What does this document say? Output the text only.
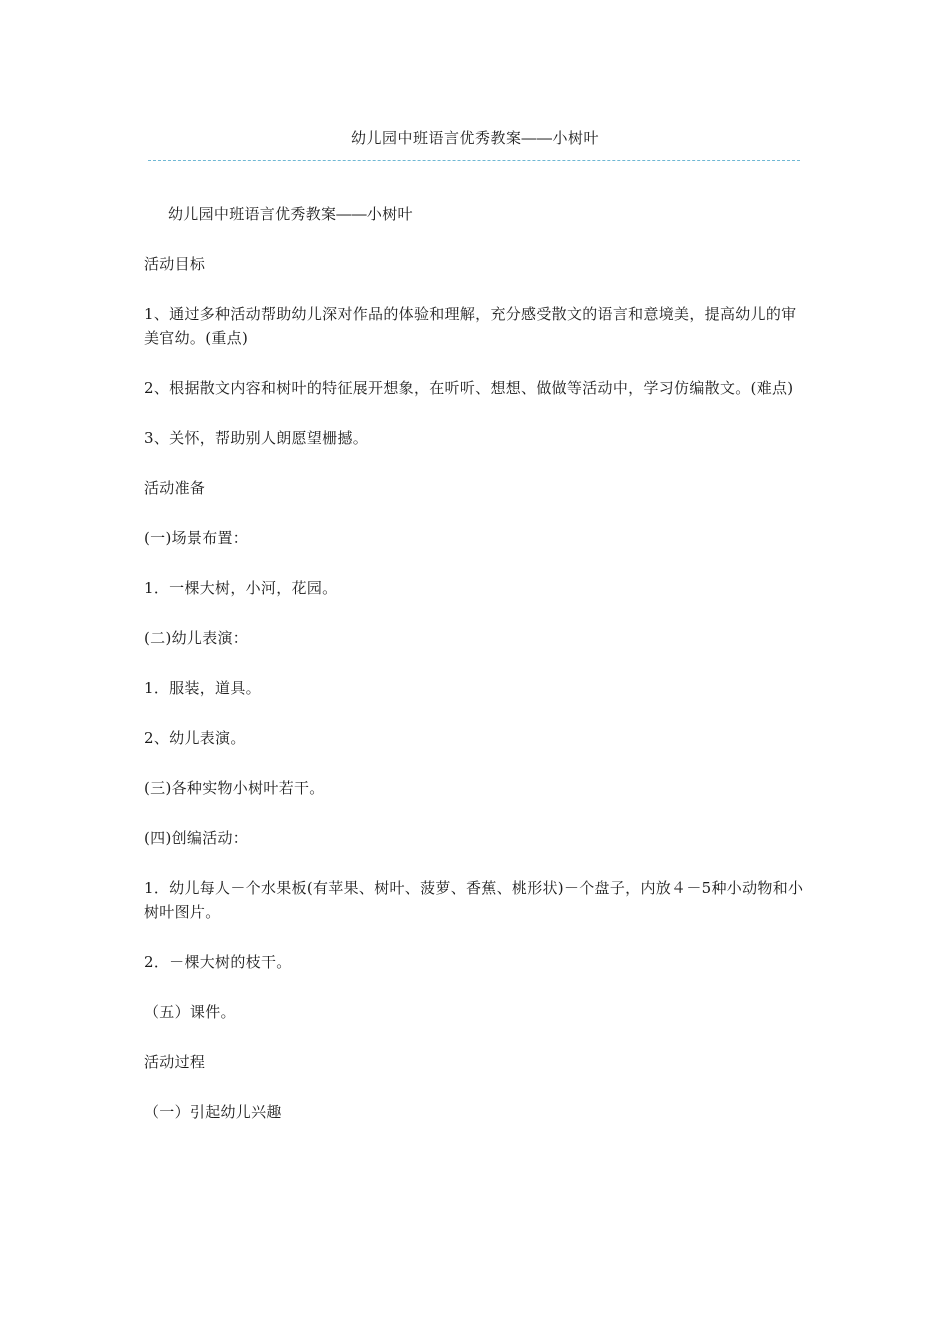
幼儿园中班语言优秀教案――小树叶

幼儿园中班语言优秀教案――小树叶

活动目标

1、通过多种活动帮助幼儿深对作品的体验和理解，充分感受散文的语言和意境美，提高幼儿的审美官幼。(重点)

2、根据散文内容和树叶的特征展开想象，在听听、想想、做做等活动中，学习仿编散文。(难点)

3、关怀，帮助别人朗愿望栅撼。

活动准备

(一)场景布置：

1．一棵大树，小河，花园。

(二)幼儿表演：

1．服装，道具。

2、幼儿表演。

(三)各种实物小树叶若干。

(四)创编活动：

1．幼儿每人－个水果板(有苹果、树叶、菠萝、香蕉、桃形状)－个盘子，内放４－5种小动物和小树叶图片。

2．－棵大树的枝干。

（五）课件。

活动过程

（一）引起幼儿兴趣
